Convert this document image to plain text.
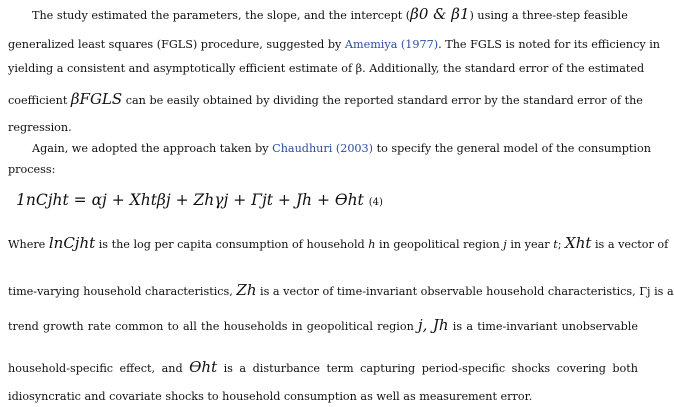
The study estimated the parameters, the slope, and the intercept (β0 & β1) using a three-step feasible
generalized least squares (FGLS) procedure, suggested by Amemiya (1977). The FGLS is noted for its efficiency in
yielding a consistent and asymptotically efficient estimate of β. Additionally, the standard error of the estimated
coefficient βFGLS can be easily obtained by dividing the reported standard error by the standard error of the
regression.
Again, we adopted the approach taken by Chaudhuri (2003) to specify the general model of the consumption
process:
1nCjht = αj + Xhtβj + Zhγj + Γjt + Jh + ϴht (4)
Where lnCjht is the log per capita consumption of household h in geopolitical region j in year t; Xht is a vector of
time-varying household characteristics, Zh is a vector of time-invariant observable household characteristics, Γj is a
trend growth rate common to all the households in geopolitical region j, Jh is a time-invariant unobservable
household-specific effect, and ϴht is a disturbance term capturing period-specific shocks covering both
idiosyncratic and covariate shocks to household consumption as well as measurement error.
